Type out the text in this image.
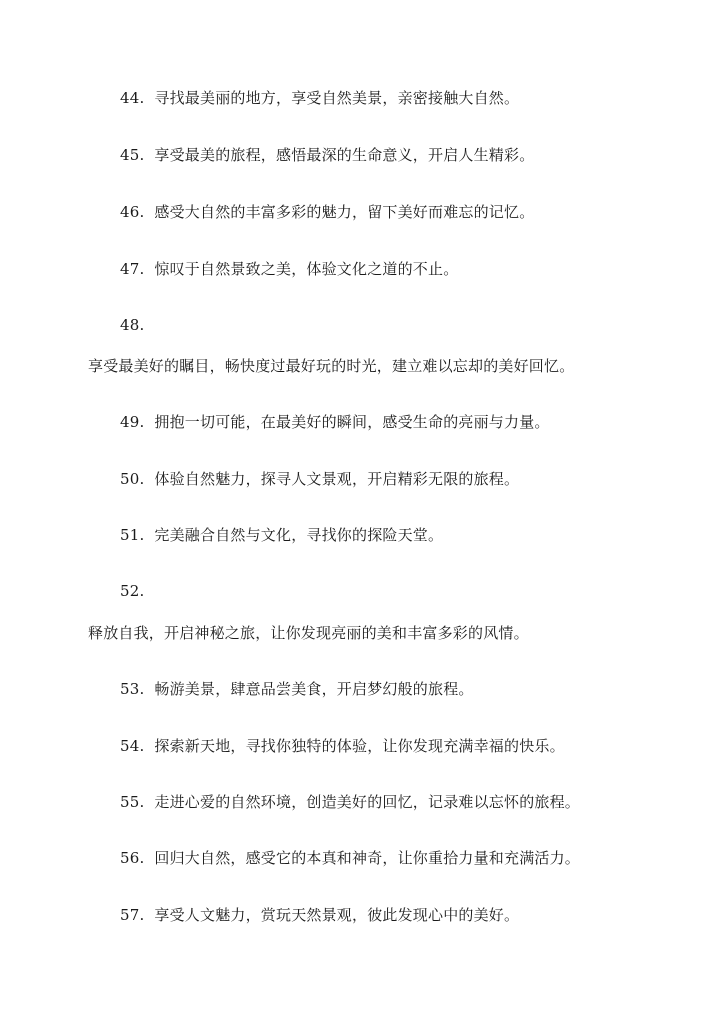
44. 寻找最美丽的地方，享受自然美景，亲密接触大自然。
45. 享受最美的旅程，感悟最深的生命意义，开启人生精彩。
46. 感受大自然的丰富多彩的魅力，留下美好而难忘的记忆。
47. 惊叹于自然景致之美，体验文化之道的不止。
48.
享受最美好的瞩目，畅快度过最好玩的时光，建立难以忘却的美好回忆。
49. 拥抱一切可能，在最美好的瞬间，感受生命的亮丽与力量。
50. 体验自然魅力，探寻人文景观，开启精彩无限的旅程。
51. 完美融合自然与文化，寻找你的探险天堂。
52.
释放自我，开启神秘之旅，让你发现亮丽的美和丰富多彩的风情。
53. 畅游美景，肆意品尝美食，开启梦幻般的旅程。
54. 探索新天地，寻找你独特的体验，让你发现充满幸福的快乐。
55. 走进心爱的自然环境，创造美好的回忆，记录难以忘怀的旅程。
56. 回归大自然，感受它的本真和神奇，让你重拾力量和充满活力。
57. 享受人文魅力，赏玩天然景观，彼此发现心中的美好。
